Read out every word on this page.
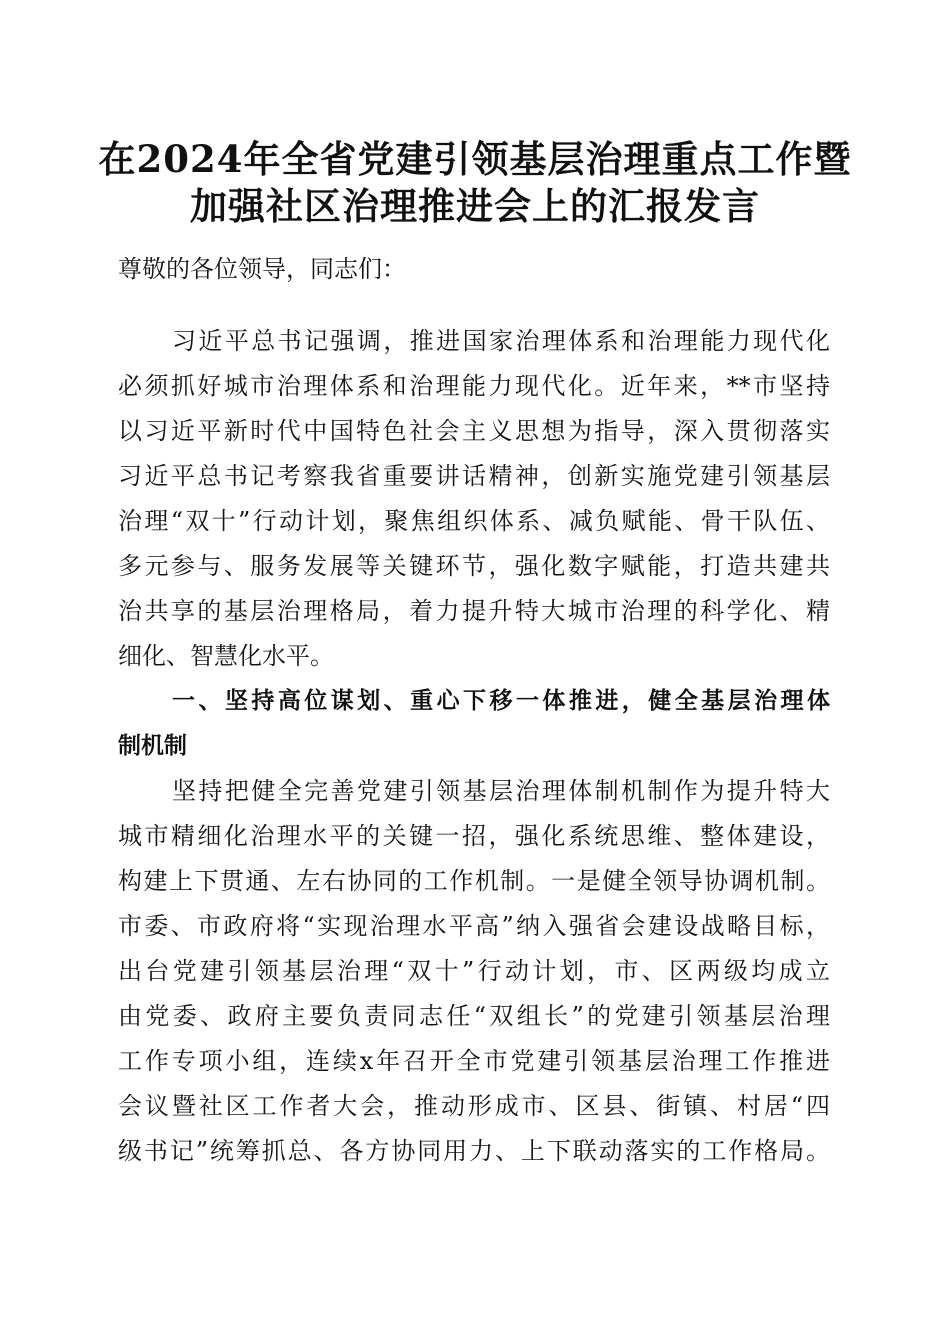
在2024年全省党建引领基层治理重点工作暨
加强社区治理推进会上的汇报发言
尊敬的各位领导，同志们：
习近平总书记强调，推进国家治理体系和治理能力现代化
必须抓好城市治理体系和治理能力现代化。近年来，**市坚持
以习近平新时代中国特色社会主义思想为指导，深入贯彻落实
习近平总书记考察我省重要讲话精神，创新实施党建引领基层
治理“双十”行动计划，聚焦组织体系、减负赋能、骨干队伍、
多元参与、服务发展等关键环节，强化数字赋能，打造共建共
治共享的基层治理格局，着力提升特大城市治理的科学化、精
细化、智慧化水平。
一、坚持高位谋划、重心下移一体推进，健全基层治理体
制机制
坚持把健全完善党建引领基层治理体制机制作为提升特大
城市精细化治理水平的关键一招，强化系统思维、整体建设，
构建上下贯通、左右协同的工作机制。一是健全领导协调机制。
市委、市政府将“实现治理水平高”纳入强省会建设战略目标，
出台党建引领基层治理“双十”行动计划，市、区两级均成立
由党委、政府主要负责同志任“双组长”的党建引领基层治理
工作专项小组，连续x年召开全市党建引领基层治理工作推进
会议暨社区工作者大会，推动形成市、区县、街镇、村居“四
级书记”统筹抓总、各方协同用力、上下联动落实的工作格局。
